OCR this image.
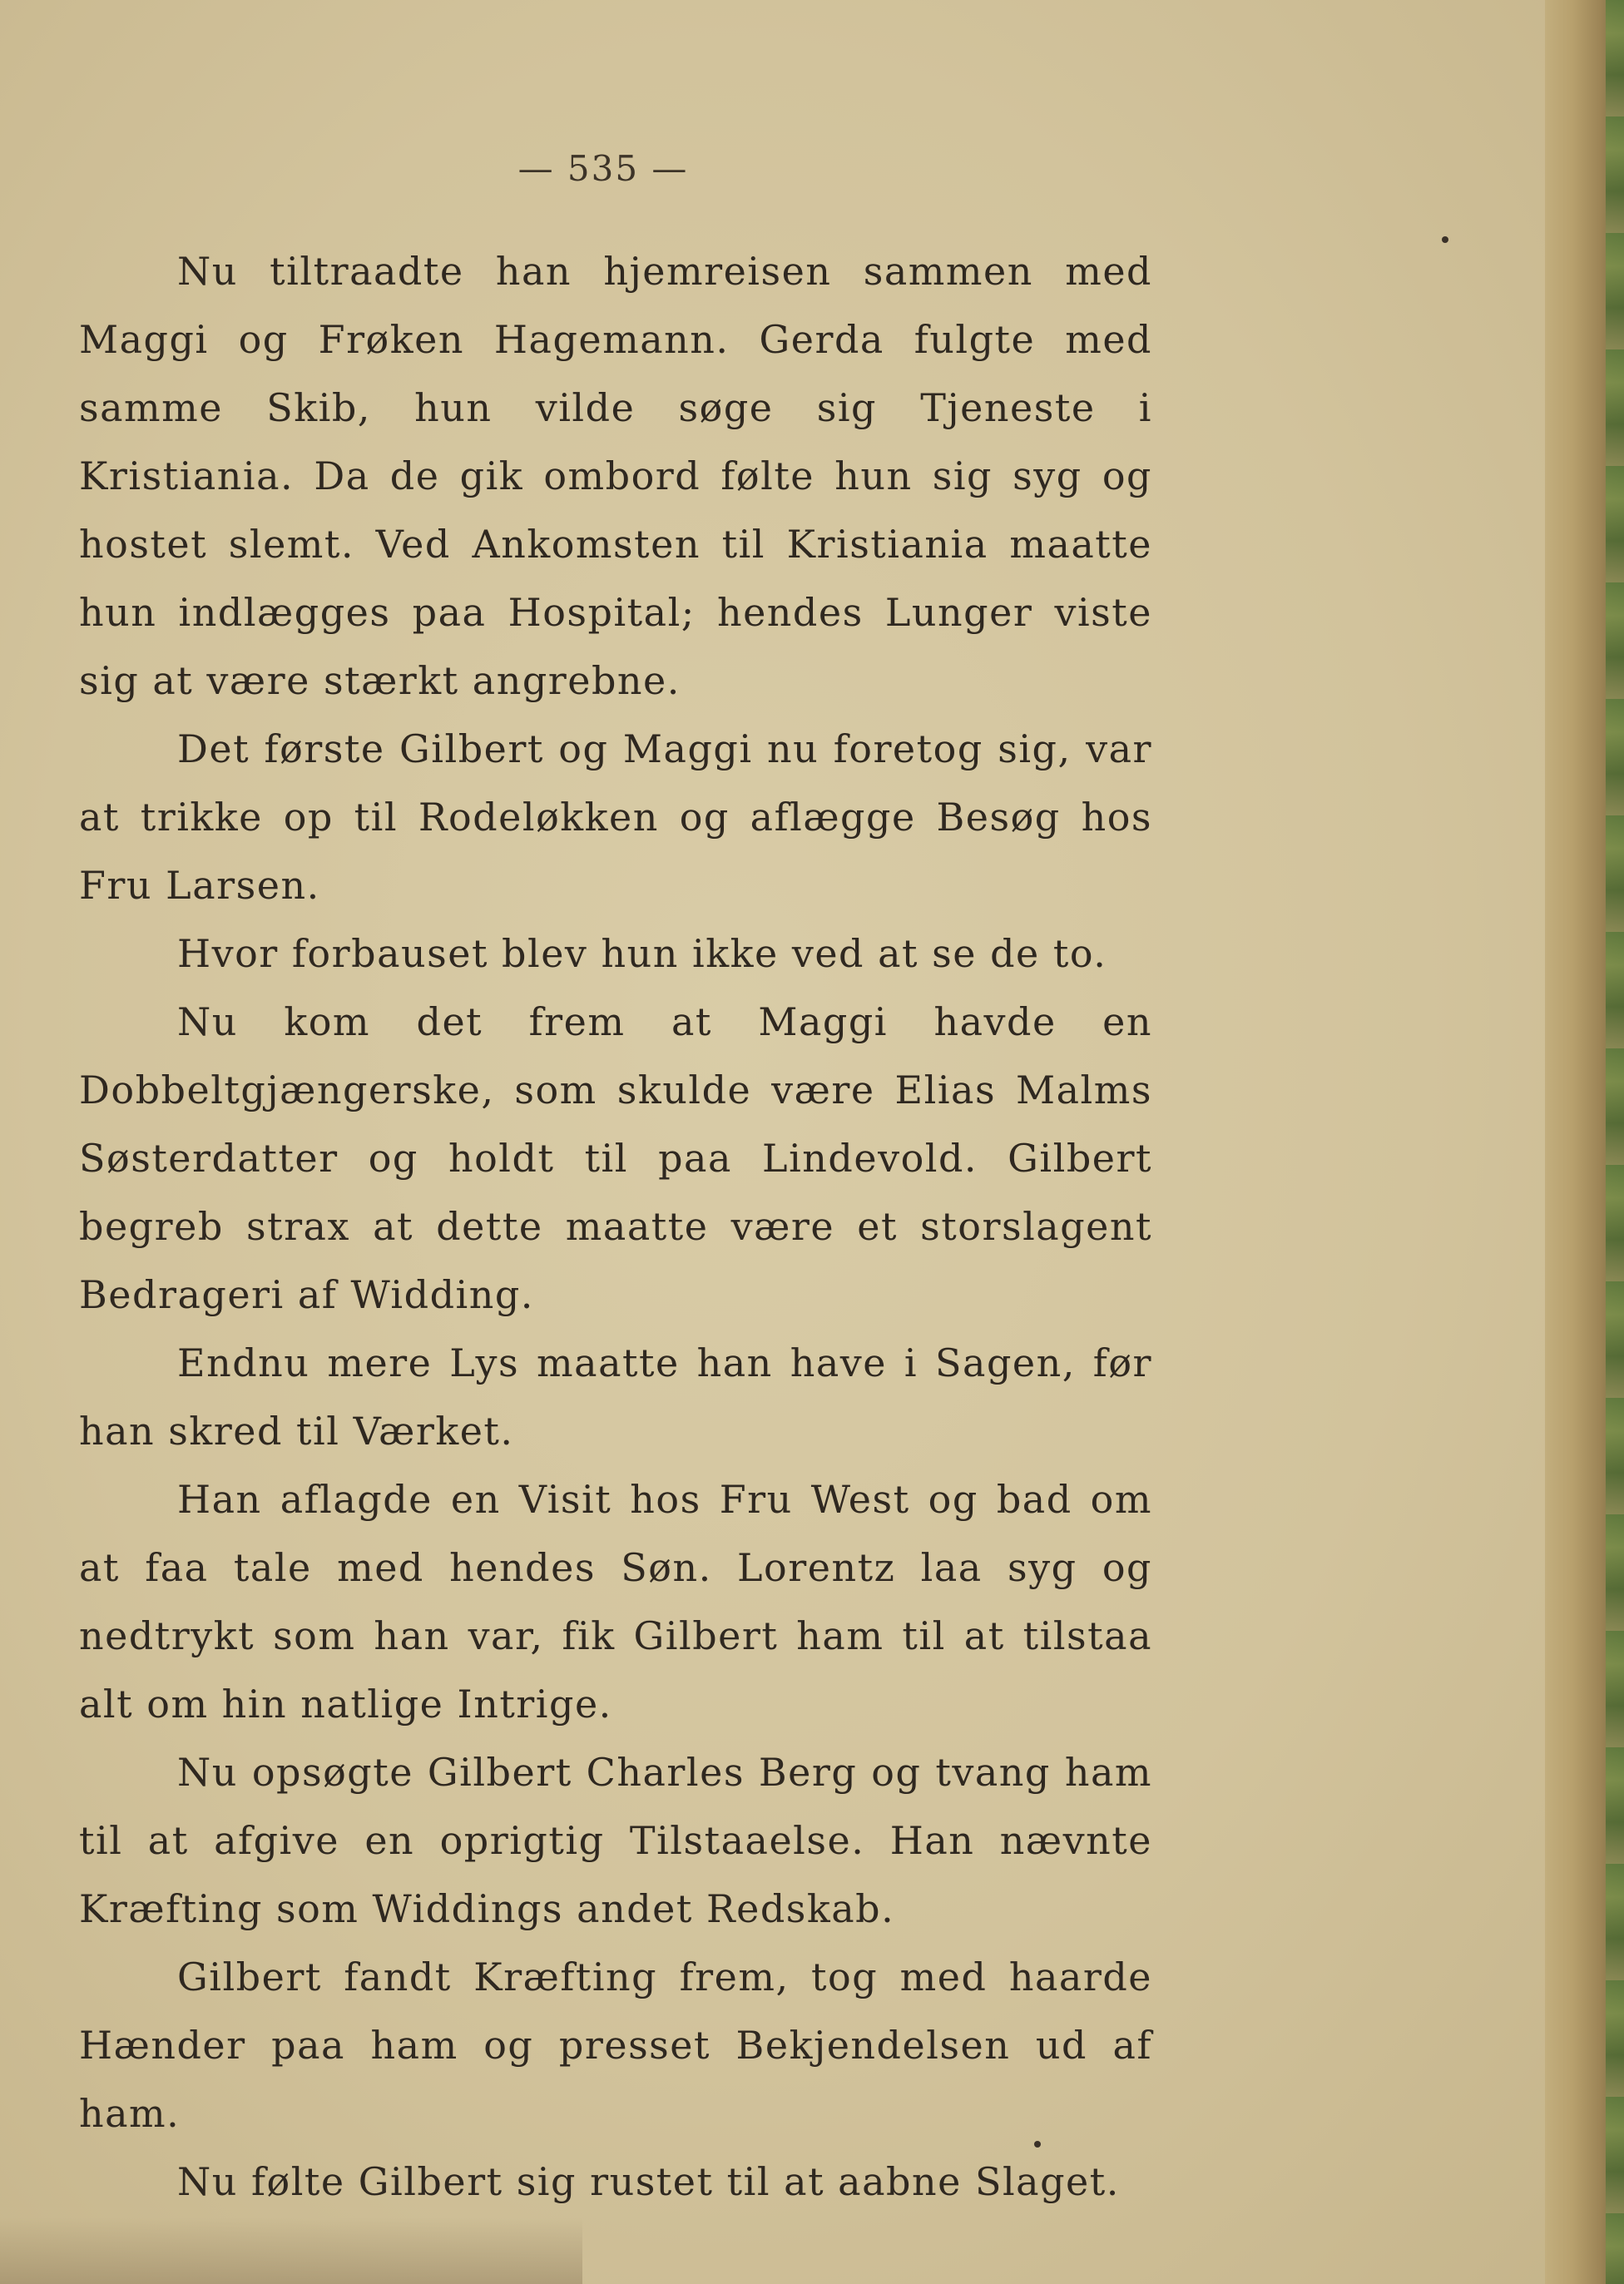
— 535 —

Nu tiltraadte han hjemreisen sammen med Maggi og Frøken Hagemann. Gerda fulgte med samme Skib, hun vilde søge sig Tjeneste i Kristiania. Da de gik ombord følte hun sig syg og hostet slemt. Ved Ankomsten til Kristiania maatte hun indlægges paa Hospital; hendes Lunger viste sig at være stærkt angrebne.

Det første Gilbert og Maggi nu foretog sig, var at trikke op til Rodeløkken og aflægge Besøg hos Fru Larsen.

Hvor forbauset blev hun ikke ved at se de to.

Nu kom det frem at Maggi havde en Dobbeltgjængerske, som skulde være Elias Malms Søsterdatter og holdt til paa Lindevold. Gilbert begreb strax at dette maatte være et storslagent Bedrageri af Widding.

Endnu mere Lys maatte han have i Sagen, før han skred til Værket.

Han aflagde en Visit hos Fru West og bad om at faa tale med hendes Søn. Lorentz laa syg og nedtrykt som han var, fik Gilbert ham til at tilstaa alt om hin natlige Intrige.

Nu opsøgte Gilbert Charles Berg og tvang ham til at afgive en oprigtig Tilstaaelse. Han nævnte Kræfting som Widdings andet Redskab.

Gilbert fandt Kræfting frem, tog med haarde Hænder paa ham og presset Bekjendelsen ud af ham.

Nu følte Gilbert sig rustet til at aabne Slaget.
